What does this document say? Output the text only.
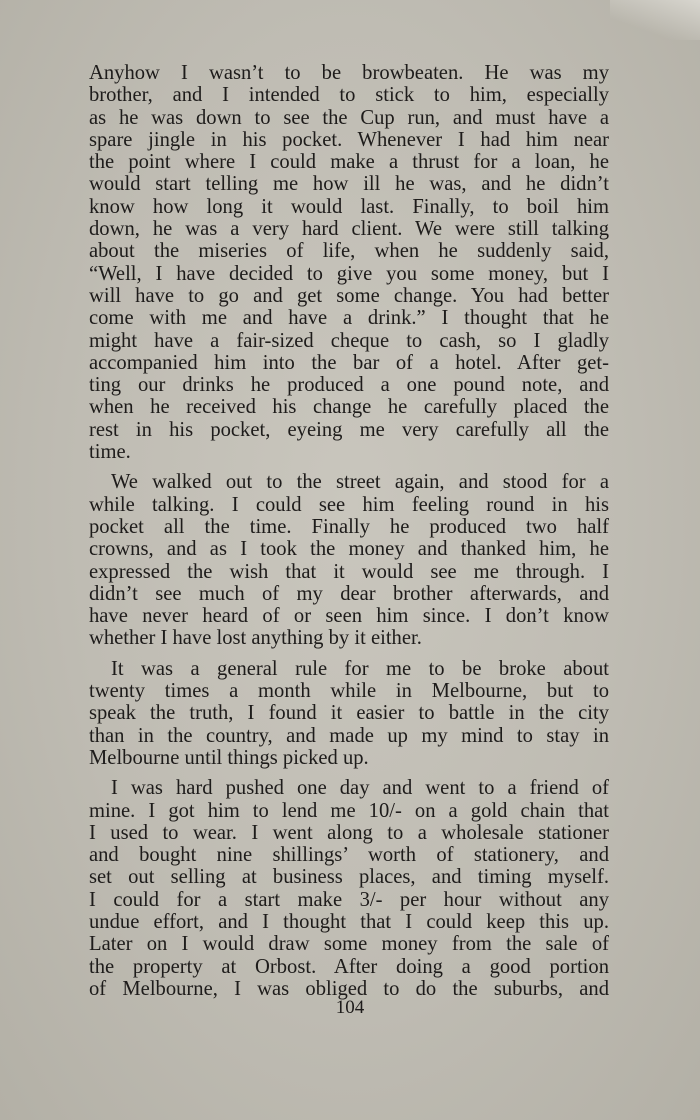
Anyhow I wasn’t to be browbeaten. He was my
brother, and I intended to stick to him, especially
as he was down to see the Cup run, and must have a
spare jingle in his pocket. Whenever I had him near
the point where I could make a thrust for a loan, he
would start telling me how ill he was, and he didn’t
know how long it would last. Finally, to boil him
down, he was a very hard client. We were still talking
about the miseries of life, when he suddenly said,
“Well, I have decided to give you some money, but I
will have to go and get some change. You had better
come with me and have a drink.” I thought that he
might have a fair-sized cheque to cash, so I gladly
accompanied him into the bar of a hotel. After get-
ting our drinks he produced a one pound note, and
when he received his change he carefully placed the
rest in his pocket, eyeing me very carefully all the
time.

We walked out to the street again, and stood for a
while talking. I could see him feeling round in his
pocket all the time. Finally he produced two half
crowns, and as I took the money and thanked him, he
expressed the wish that it would see me through. I
didn’t see much of my dear brother afterwards, and
have never heard of or seen him since. I don’t know
whether I have lost anything by it either.

It was a general rule for me to be broke about
twenty times a month while in Melbourne, but to
speak the truth, I found it easier to battle in the city
than in the country, and made up my mind to stay in
Melbourne until things picked up.

I was hard pushed one day and went to a friend of
mine. I got him to lend me 10/- on a gold chain that
I used to wear. I went along to a wholesale stationer
and bought nine shillings’ worth of stationery, and
set out selling at business places, and timing myself.
I could for a start make 3/- per hour without any
undue effort, and I thought that I could keep this up.
Later on I would draw some money from the sale of
the property at Orbost. After doing a good portion
of Melbourne, I was obliged to do the suburbs, and

104
